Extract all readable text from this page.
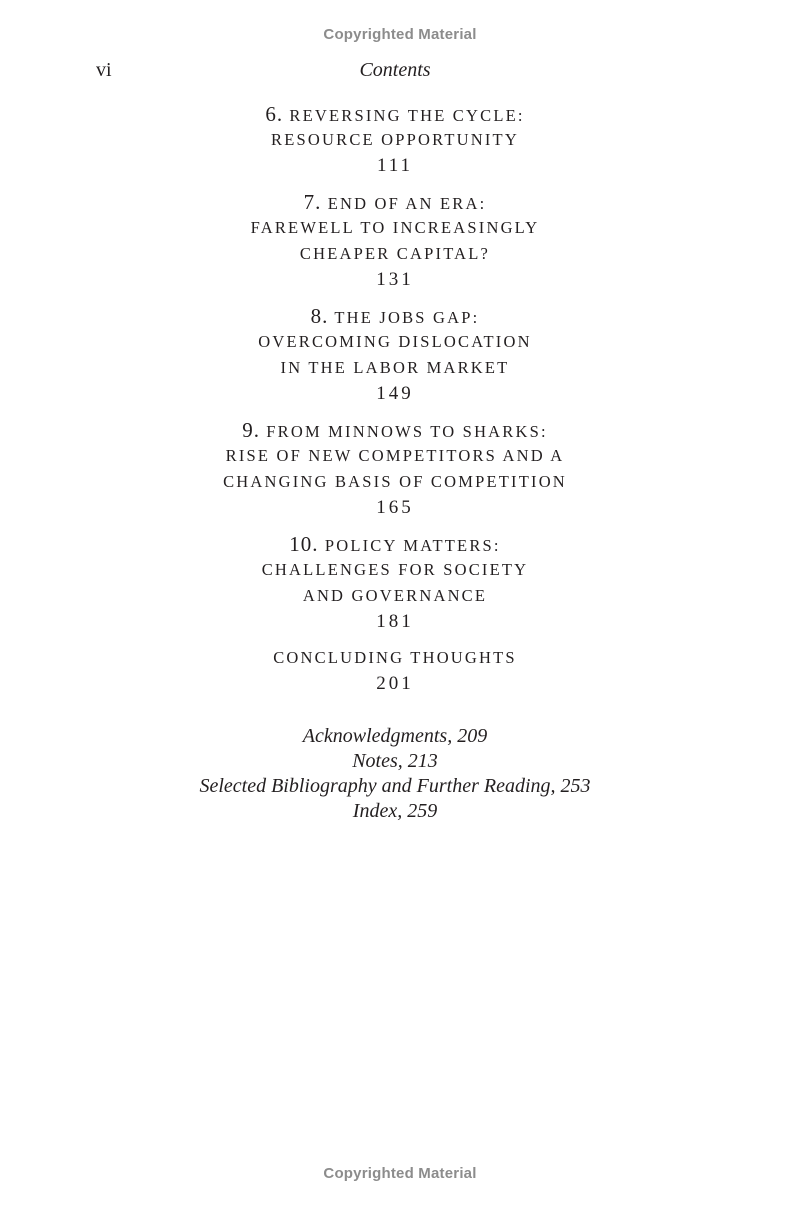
Copyrighted Material
vi	Contents
6. REVERSING THE CYCLE:
RESOURCE OPPORTUNITY
111
7. END OF AN ERA:
FAREWELL TO INCREASINGLY
CHEAPER CAPITAL?
131
8. THE JOBS GAP:
OVERCOMING DISLOCATION
IN THE LABOR MARKET
149
9. FROM MINNOWS TO SHARKS:
RISE OF NEW COMPETITORS AND A
CHANGING BASIS OF COMPETITION
165
10. POLICY MATTERS:
CHALLENGES FOR SOCIETY
AND GOVERNANCE
181
CONCLUDING THOUGHTS
201
Acknowledgments, 209
Notes, 213
Selected Bibliography and Further Reading, 253
Index, 259
Copyrighted Material
